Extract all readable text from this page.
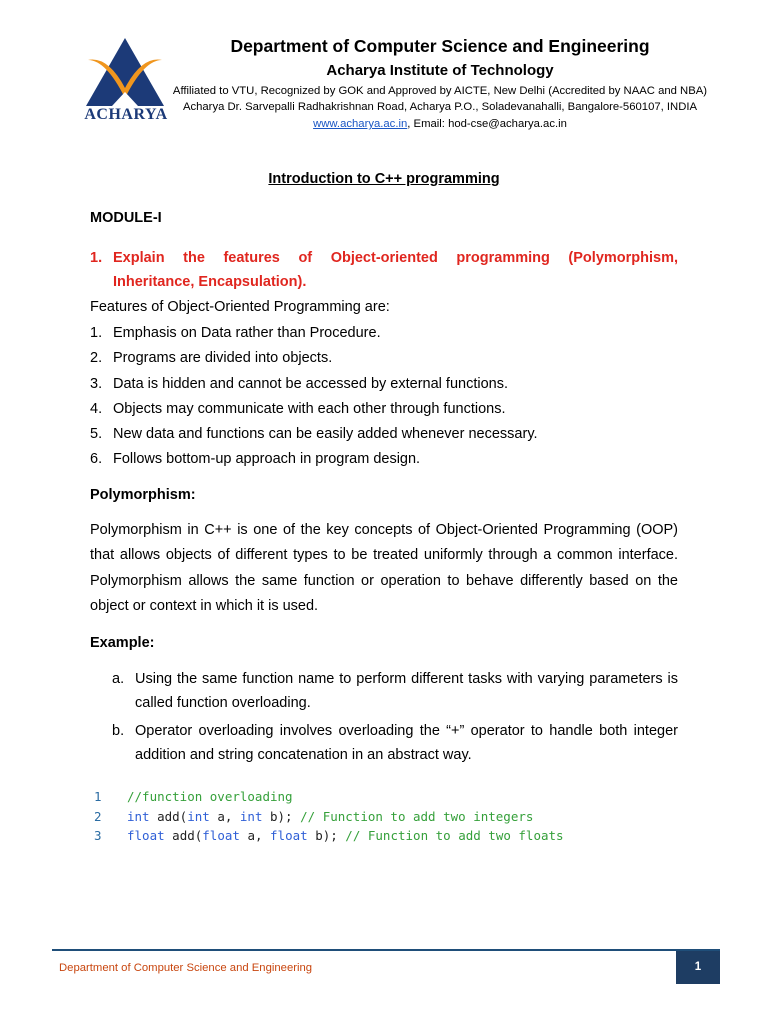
ACHARYA
Department of Computer Science and Engineering
Acharya Institute of Technology
Affiliated to VTU, Recognized by GOK and Approved by AICTE, New Delhi (Accredited by NAAC and NBA)
Acharya Dr. Sarvepalli Radhakrishnan Road, Acharya P.O., Soladevanahalli, Bangalore-560107, INDIA
www.acharya.ac.in, Email: hod-cse@acharya.ac.in
Introduction to C++ programming
MODULE-I
1. Explain the features of Object-oriented programming (Polymorphism,
Inheritance, Encapsulation).
Features of Object-Oriented Programming are:
1. Emphasis on Data rather than Procedure.
2. Programs are divided into objects.
3. Data is hidden and cannot be accessed by external functions.
4. Objects may communicate with each other through functions.
5. New data and functions can be easily added whenever necessary.
6. Follows bottom-up approach in program design.
Polymorphism:
Polymorphism in C++ is one of the key concepts of Object-Oriented Programming (OOP) that allows objects of different types to be treated uniformly through a common interface. Polymorphism allows the same function or operation to behave differently based on the object or context in which it is used.
Example:
a. Using the same function name to perform different tasks with varying parameters is called function overloading.
b. Operator overloading involves overloading the “+” operator to handle both integer addition and string concatenation in an abstract way.
1 //function overloading
2 int add(int a, int b); // Function to add two integers
3 float add(float a, float b); // Function to add two floats
Department of Computer Science and Engineering	1
